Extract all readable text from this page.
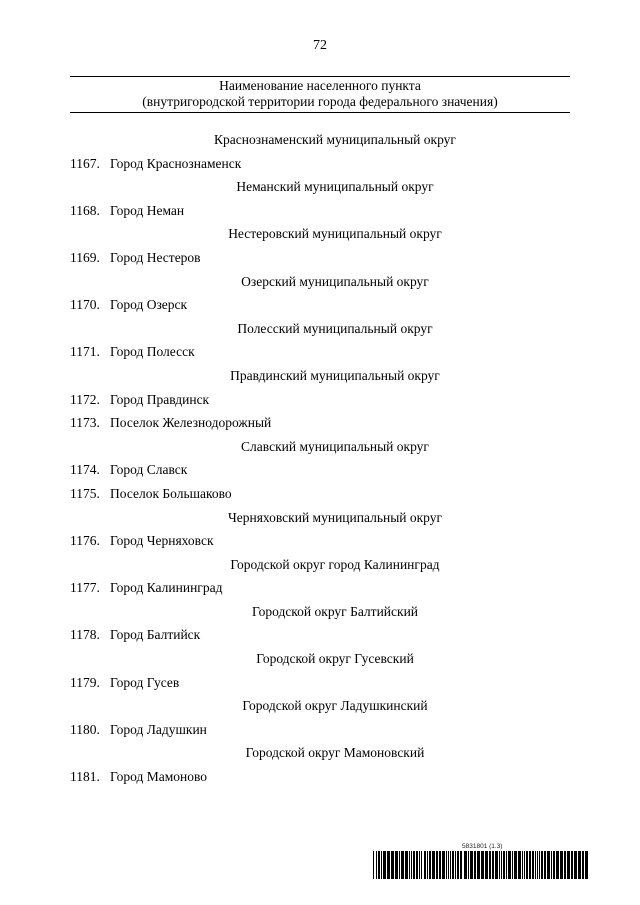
72
Наименование населенного пункта
(внутригородской территории города федерального значения)
Краснознаменский муниципальный округ
1167. Город Краснознаменск
Неманский муниципальный округ
1168. Город Неман
Нестеровский муниципальный округ
1169. Город Нестеров
Озерский муниципальный округ
1170. Город Озерск
Полесский муниципальный округ
1171. Город Полесск
Правдинский муниципальный округ
1172. Город Правдинск
1173. Поселок Железнодорожный
Славский муниципальный округ
1174. Город Славск
1175. Поселок Большаково
Черняховский муниципальный округ
1176. Город Черняховск
Городской округ город Калининград
1177. Город Калининград
Городской округ Балтийский
1178. Город Балтийск
Городской округ Гусевский
1179. Город Гусев
Городской округ Ладушкинский
1180. Город Ладушкин
Городской округ Мамоновский
1181. Город Мамоново
5831801 (1.3)
